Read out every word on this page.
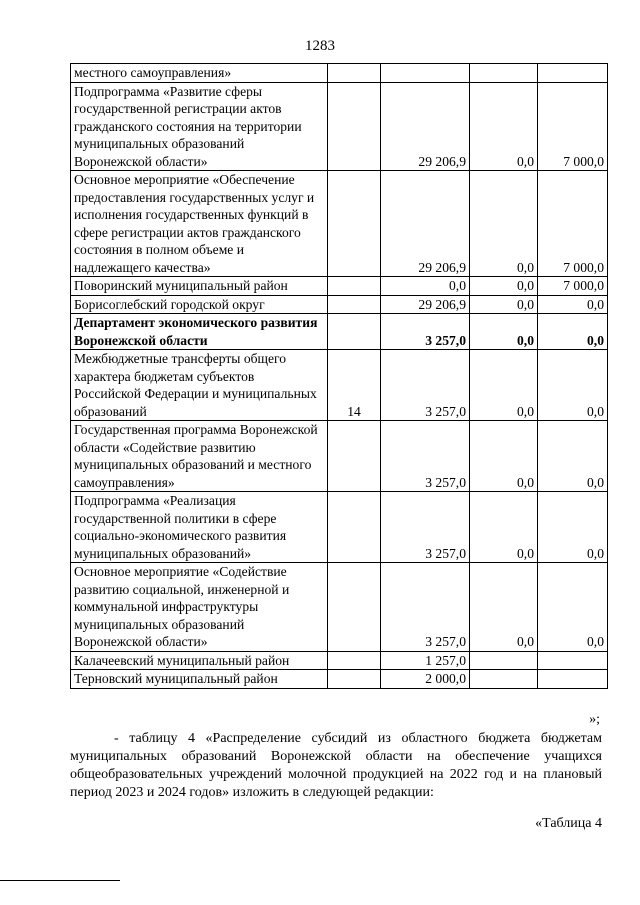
1283
местного самоуправления»				
Подпрограмма «Развитие сферы государственной регистрации актов гражданского состояния на территории муниципальных образований Воронежской области»		29 206,9	0,0	7 000,0
Основное мероприятие «Обеспечение предоставления государственных услуг и исполнения государственных функций в сфере регистрации актов гражданского состояния в полном объеме и надлежащего качества»		29 206,9	0,0	7 000,0
Поворинский муниципальный район		0,0	0,0	7 000,0
Борисоглебский городской округ		29 206,9	0,0	0,0
Департамент экономического развития Воронежской области		3 257,0	0,0	0,0
Межбюджетные трансферты общего характера бюджетам субъектов Российской Федерации и муниципальных образований	14	3 257,0	0,0	0,0
Государственная программа Воронежской области «Содействие развитию муниципальных образований и местного самоуправления»		3 257,0	0,0	0,0
Подпрограмма «Реализация государственной политики в сфере социально-экономического развития муниципальных образований»		3 257,0	0,0	0,0
Основное мероприятие «Содействие развитию социальной, инженерной и коммунальной инфраструктуры муниципальных образований Воронежской области»		3 257,0	0,0	0,0
Калачеевский муниципальный район		1 257,0		
Терновский муниципальный район		2 000,0		
»;
- таблицу 4 «Распределение субсидий из областного бюджета бюджетам муниципальных образований Воронежской области на обеспечение учащихся общеобразовательных учреждений молочной продукцией на 2022 год и на плановый период 2023 и 2024 годов» изложить в следующей редакции:
«Таблица 4
